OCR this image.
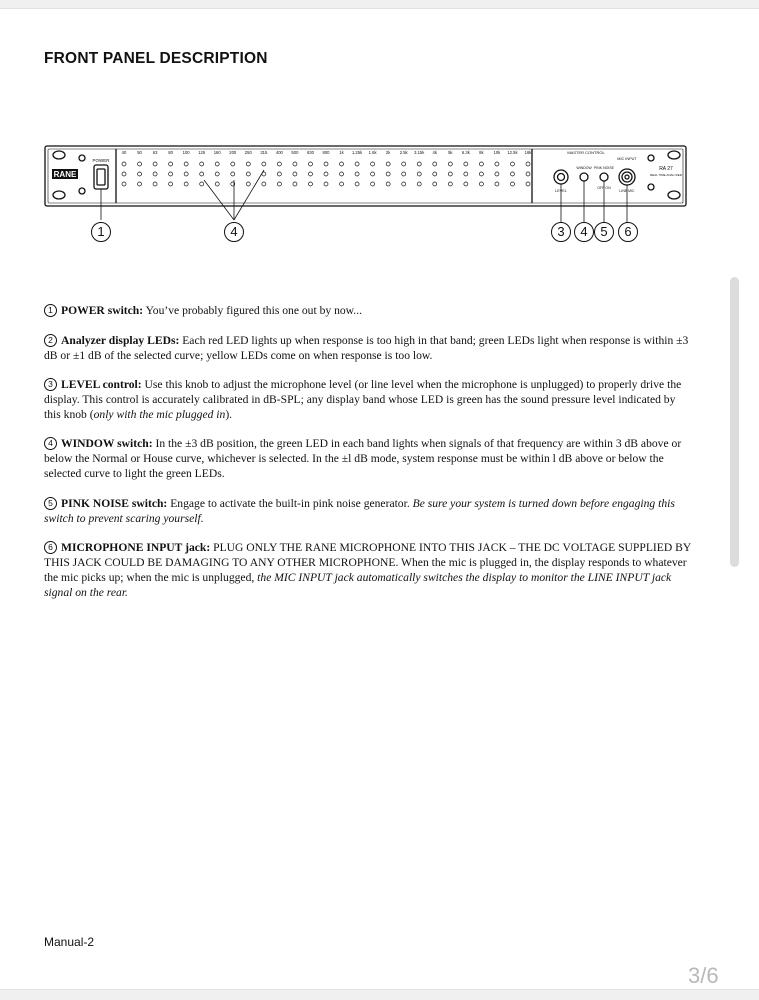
FRONT PANEL DESCRIPTION
RANE
POWER
MASTER CONTROL
MIC INPUT
LEVEL
WINDOW PINK NOISE
OFF ON
LINE MIC
RA 27
REAL TIME ANALYZER
40	50	63	80 100 125 160 200 250 315 400 500 630 800 1k 1.25k 1.6k 2k 2.5k 3.15k 4k	5k 6.3k 8k 10k 12.5k 16k
1	4	3	4 5	6
1 POWER switch: You’ve probably figured this one out by now...
2 Analyzer display LEDs: Each red LED lights up when response is too high in that band; green LEDs light when response is within ±3 dB or ±1 dB of the selected curve; yellow LEDs come on when response is too low.
3 LEVEL control: Use this knob to adjust the microphone level (or line level when the microphone is unplugged) to properly drive the display. This control is accurately calibrated in dB-SPL; any display band whose LED is green has the sound pressure level indicated by this knob (only with the mic plugged in).
4 WINDOW switch: In the ±3 dB position, the green LED in each band lights when signals of that frequency are within 3 dB above or below the Normal or House curve, whichever is selected. In the ±l dB mode, system response must be within l dB above or below the selected curve to light the green LEDs.
5 PINK NOISE switch: Engage to activate the built-in pink noise generator. Be sure your system is turned down before engaging this switch to prevent scaring yourself.
6 MICROPHONE INPUT jack: PLUG ONLY THE RANE MICROPHONE INTO THIS JACK – THE DC VOLTAGE SUPPLIED BY THIS JACK COULD BE DAMAGING TO ANY OTHER MICROPHONE. When the mic is plugged in, the display responds to whatever the mic picks up; when the mic is unplugged, the MIC INPUT jack automatically switches the display to monitor the LINE INPUT jack signal on the rear.
Manual-2
3/6
